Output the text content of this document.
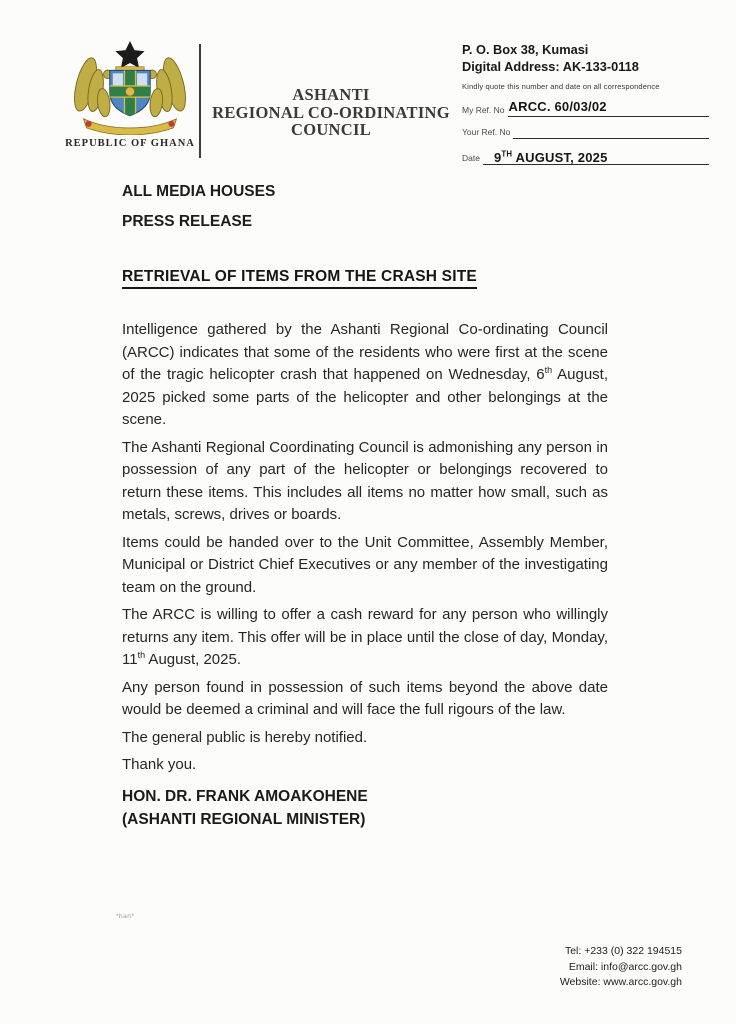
REPUBLIC OF GHANA
ASHANTI
REGIONAL CO-ORDINATING
COUNCIL
P. O. Box 38, Kumasi
Digital Address: AK-133-0118
Kindly quote this number and date on all correspondence
My Ref. No ARCC. 60/03/02
Your Ref. No
Date 9TH AUGUST, 2025
ALL MEDIA HOUSES
PRESS RELEASE
RETRIEVAL OF ITEMS FROM THE CRASH SITE

Intelligence gathered by the Ashanti Regional Co-ordinating Council (ARCC) indicates that some of the residents who were first at the scene of the tragic helicopter crash that happened on Wednesday, 6th August, 2025 picked some parts of the helicopter and other belongings at the scene.

The Ashanti Regional Coordinating Council is admonishing any person in possession of any part of the helicopter or belongings recovered to return these items. This includes all items no matter how small, such as metals, screws, drives or boards.

Items could be handed over to the Unit Committee, Assembly Member, Municipal or District Chief Executives or any member of the investigating team on the ground.

The ARCC is willing to offer a cash reward for any person who willingly returns any item. This offer will be in place until the close of day, Monday, 11th August, 2025.

Any person found in possession of such items beyond the above date would be deemed a criminal and will face the full rigours of the law.

The general public is hereby notified.

Thank you.

HON. DR. FRANK AMOAKOHENE
(ASHANTI REGIONAL MINISTER)
*han*
Tel: +233 (0) 322 194515
Email: info@arcc.gov.gh
Website: www.arcc.gov.gh
